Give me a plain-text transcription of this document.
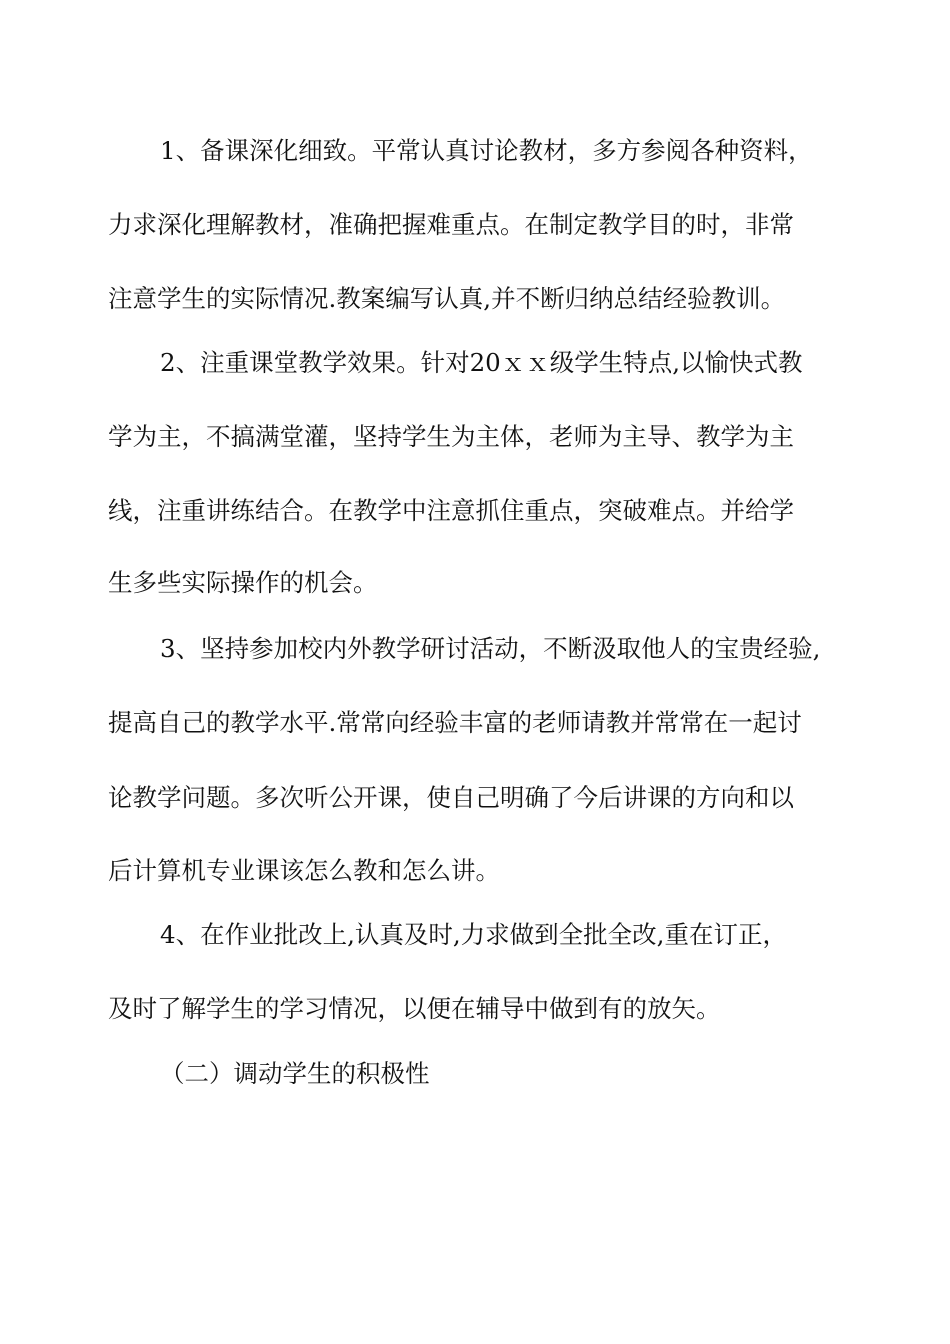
1、备课深化细致。平常认真讨论教材，多方参阅各种资料，
力求深化理解教材，准确把握难重点。在制定教学目的时，非常
注意学生的实际情况.教案编写认真,并不断归纳总结经验教训。
2、注重课堂教学效果。针对20ｘｘ级学生特点,以愉快式教
学为主，不搞满堂灌，坚持学生为主体，老师为主导、教学为主
线，注重讲练结合。在教学中注意抓住重点，突破难点。并给学
生多些实际操作的机会。
3、坚持参加校内外教学研讨活动，不断汲取他人的宝贵经验,
提高自己的教学水平.常常向经验丰富的老师请教并常常在一起讨
论教学问题。多次听公开课，使自己明确了今后讲课的方向和以
后计算机专业课该怎么教和怎么讲。
4、在作业批改上,认真及时,力求做到全批全改,重在订正，
及时了解学生的学习情况，以便在辅导中做到有的放矢。
（二）调动学生的积极性
